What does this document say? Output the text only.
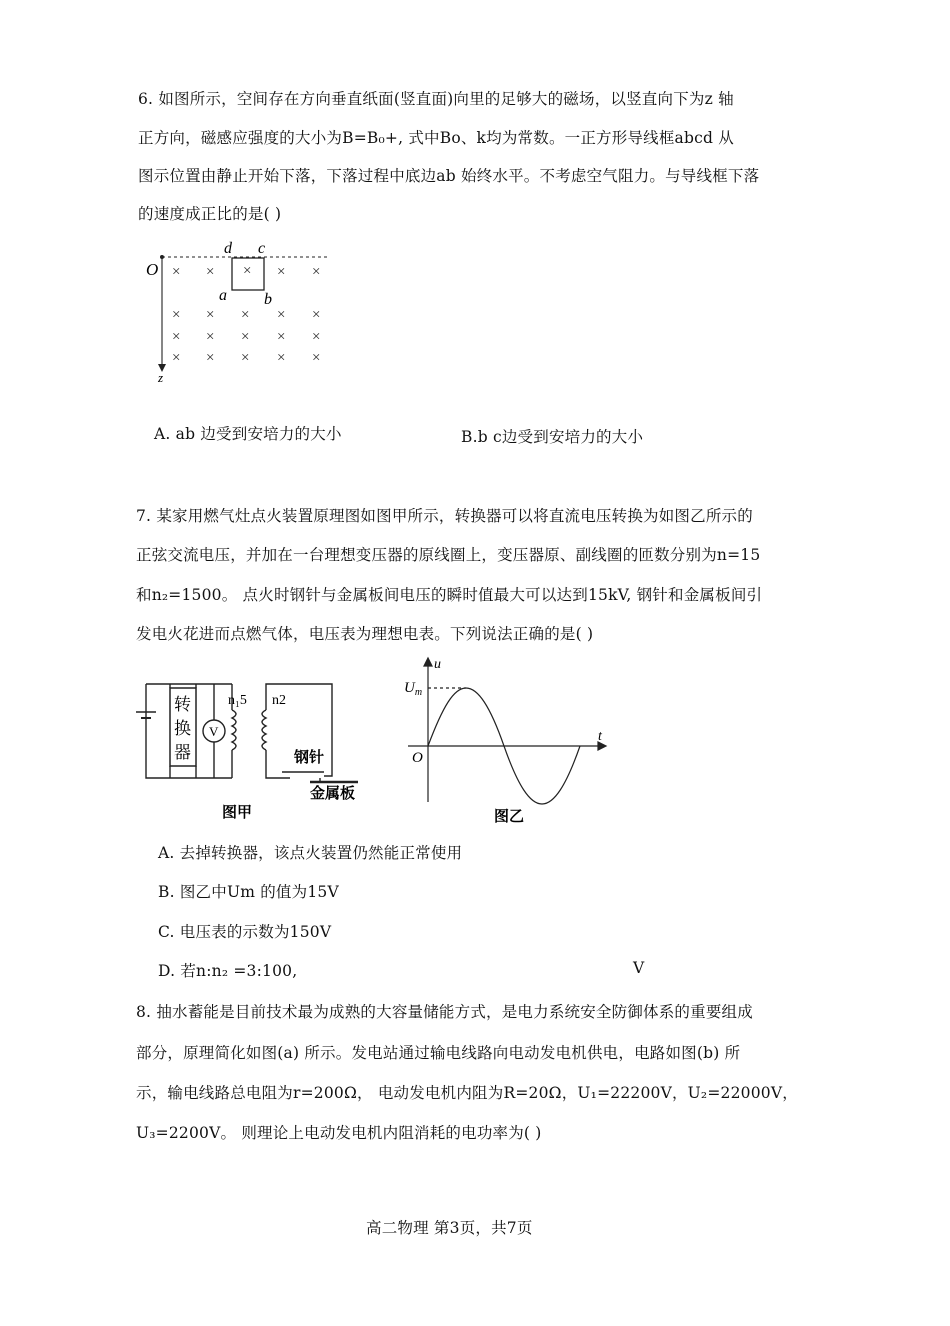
6. 如图所示，空间存在方向垂直纸面(竖直面)向里的足够大的磁场，以竖直向下为z 轴
正方向，磁感应强度的大小为B=B₀+, 式中Bo、k均为常数。一正方形导线框abcd 从
图示位置由静止开始下落，下落过程中底边ab 始终水平。不考虑空气阻力。与导线框下落
的速度成正比的是( )
O
z
d c
a b
× × × × ×
× × × × ×
× × × × ×
× × × × ×
A. ab 边受到安培力的大小	B.b c边受到安培力的大小
7. 某家用燃气灶点火装置原理图如图甲所示，转换器可以将直流电压转换为如图乙所示的
正弦交流电压，并加在一台理想变压器的原线圈上，变压器原、副线圈的匝数分别为n=15
和n₂=1500。 点火时钢针与金属板间电压的瞬时值最大可以达到15kV, 钢针和金属板间引
发电火花进而点燃气体，电压表为理想电表。下列说法正确的是( )
转
换
器
V
n₁5 n2
钢针
金属板
图甲
u
$U_m$
O
t
图乙
A. 去掉转换器，该点火装置仍然能正常使用
B. 图乙中Um 的值为15V
C. 电压表的示数为150V
D. 若n:n₂ =3:100,	V
8. 抽水蓄能是目前技术最为成熟的大容量储能方式，是电力系统安全防御体系的重要组成
部分，原理简化如图(a) 所示。发电站通过输电线路向电动发电机供电，电路如图(b) 所
示，输电线路总电阻为r=200Ω， 电动发电机内阻为R=20Ω，U₁=22200V，U₂=22000V，
U₃=2200V。 则理论上电动发电机内阻消耗的电功率为( )
高二物理 第3页，共7页
